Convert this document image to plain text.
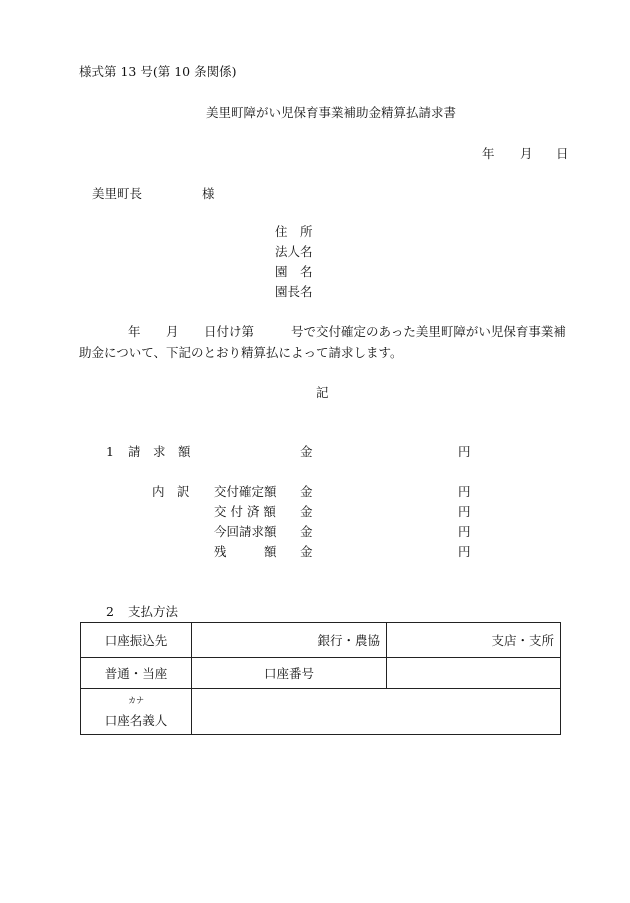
様式第 13 号(第 10 条関係)
美里町障がい児保育事業補助金精算払請求書
年 月 日
美里町長	様
住　所
法人名
園　名
園長名
年 月 日付け第	号で交付確定のあった美里町障がい児保育事業補
助金について、下記のとおり精算払によって請求します。
記
1 請　求　額	金	円
内　訳 交付確定額 金	円
交 付 済 額 金	円
今回請求額 金	円
残　　　額 金	円
2 支払方法
口座振込先	銀行・農協	支店・支所
普通・当座	口座番号	

カナ
口座名義人		
